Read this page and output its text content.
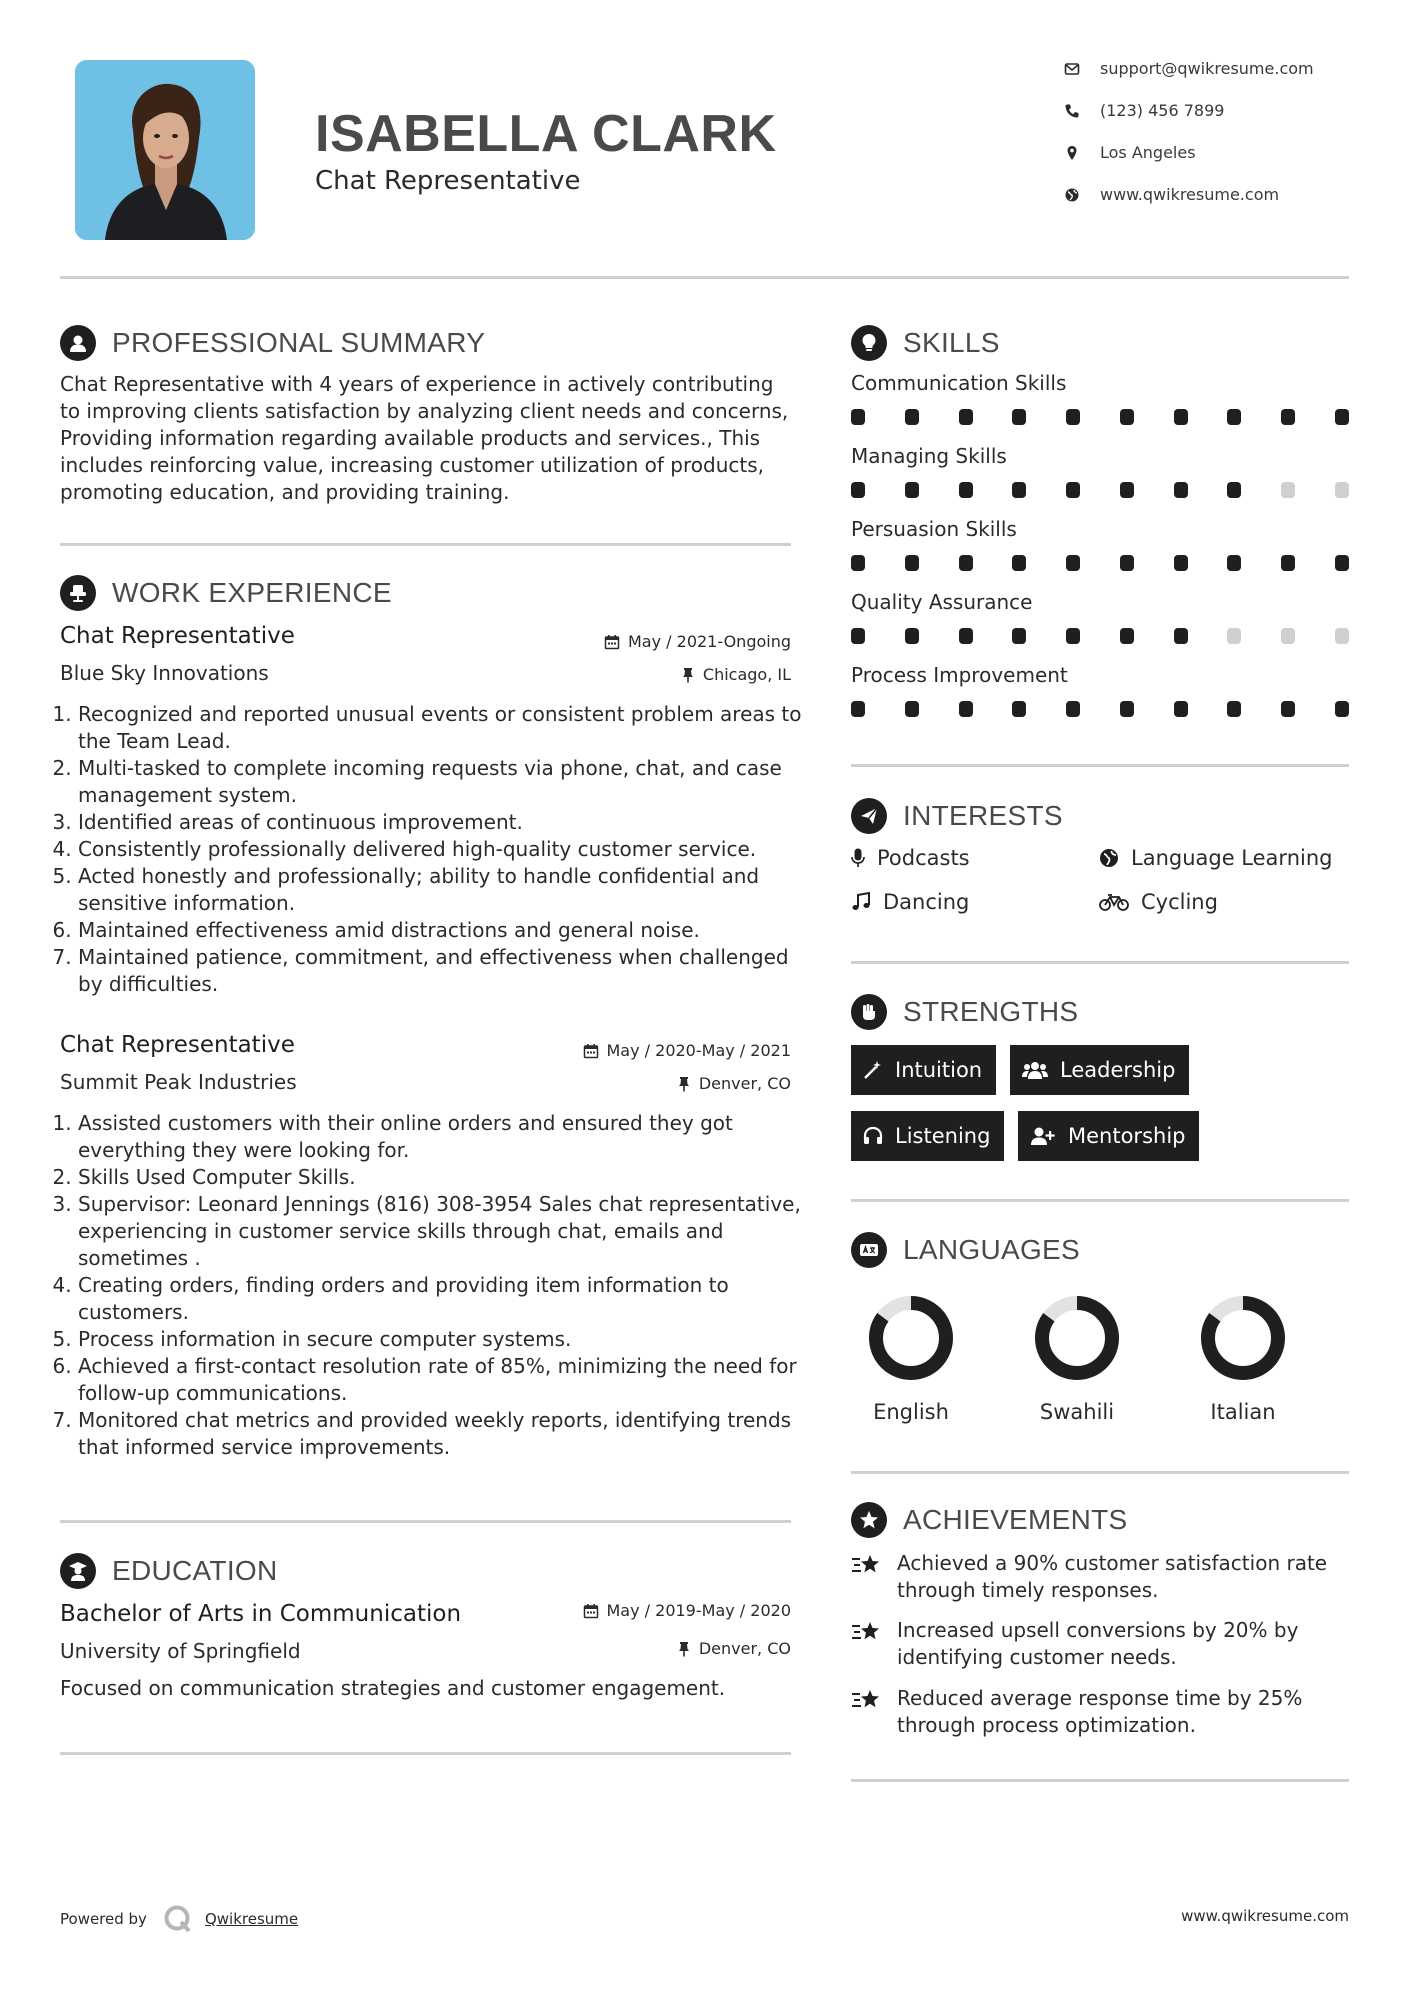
ISABELLA CLARK
Chat Representative
support@qwikresume.com
(123) 456 7899
Los Angeles
www.qwikresume.com
PROFESSIONAL SUMMARY
Chat Representative with 4 years of experience in actively contributing to improving clients satisfaction by analyzing client needs and concerns, Providing information regarding available products and services., This includes reinforcing value, increasing customer utilization of products, promoting education, and providing training.
WORK EXPERIENCE
Chat Representative
Blue Sky Innovations
May / 2021-Ongoing
Chicago, IL
1. Recognized and reported unusual events or consistent problem areas to the Team Lead.
2. Multi-tasked to complete incoming requests via phone, chat, and case management system.
3. Identified areas of continuous improvement.
4. Consistently professionally delivered high-quality customer service.
5. Acted honestly and professionally; ability to handle confidential and sensitive information.
6. Maintained effectiveness amid distractions and general noise.
7. Maintained patience, commitment, and effectiveness when challenged by difficulties.
Chat Representative
Summit Peak Industries
May / 2020-May / 2021
Denver, CO
1. Assisted customers with their online orders and ensured they got everything they were looking for.
2. Skills Used Computer Skills.
3. Supervisor: Leonard Jennings (816) 308-3954 Sales chat representative, experiencing in customer service skills through chat, emails and sometimes .
4. Creating orders, finding orders and providing item information to customers.
5. Process information in secure computer systems.
6. Achieved a first-contact resolution rate of 85%, minimizing the need for follow-up communications.
7. Monitored chat metrics and provided weekly reports, identifying trends that informed service improvements.
EDUCATION
Bachelor of Arts in Communication
University of Springfield
May / 2019-May / 2020
Denver, CO
Focused on communication strategies and customer engagement.
SKILLS
Communication Skills
Managing Skills
Persuasion Skills
Quality Assurance
Process Improvement
INTERESTS
Podcasts	Language Learning
Dancing	Cycling
STRENGTHS
Intuition	Leadership
Listening	Mentorship
LANGUAGES
English	Swahili	Italian
ACHIEVEMENTS
Achieved a 90% customer satisfaction rate through timely responses.
Increased upsell conversions by 20% by identifying customer needs.
Reduced average response time by 25% through process optimization.
Powered by	Qwikresume	www.qwikresume.com
